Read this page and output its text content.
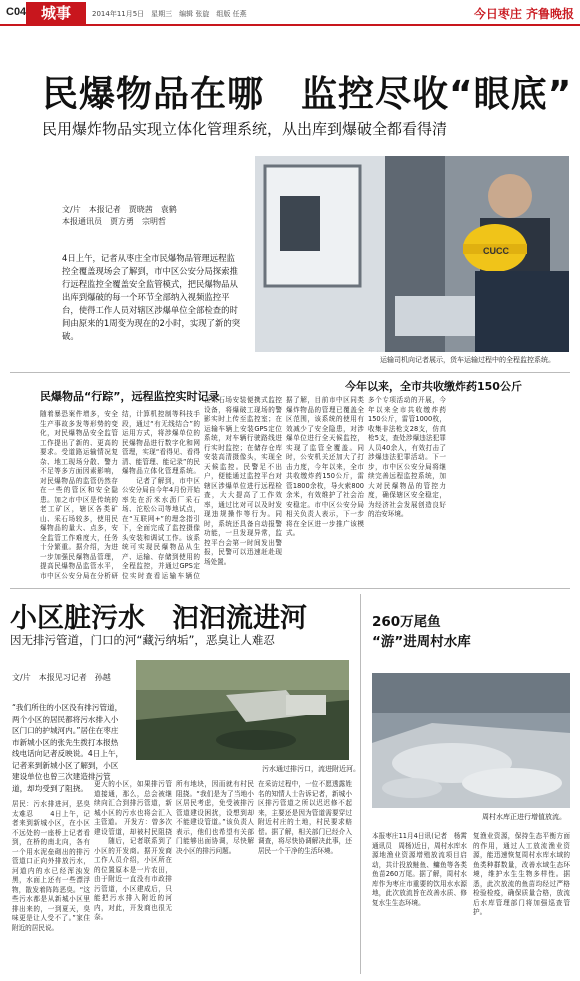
C04 城事	2014年11月5日　星期三　编辑 张旋　组版 任燕	今日枣庄 齐鲁晚报
民爆物品在哪　监控尽收“眼底”
民用爆炸物品实现立体化管理系统，从出库到爆破全都看得清
文/片　本报记者　贾晓茜　袁鹤
本报通讯员　贾方勇　宗明哲
4日上午，记者从枣庄全市民爆物品管理远程监控全覆盖现场会了解到，市中区公安分局探索推行远程监控全覆盖安全监管模式，把民爆物品从出库到爆破的每一个环节全部纳入视频监控平台，使得工作人员对辖区涉爆单位全部检查的时间由原来的1周变为现在的2小时，实现了新的突破。
CUCC
运输司机向记者展示，货车运输过程中的全程监控系统。
民爆物品“行踪”，远程监控实时记录
今年以来，全市共收缴炸药150公斤
随着暴恐案件增多，安全生产事故多发等形势的变化，对民爆物品安全监管工作提出了新的、更高的要求。受道路运输情况复杂、地工现场分散、警力不足等多方面因素影响，对民爆物品的监管仍然存在一些的管区和安全隐患。加之市中区是传统的老工矿区，辖区各类矿山、采石场较多，使用民爆物品的量大、点多，安全监管工作难度大，任务十分繁重。据介绍，为进一步加强民爆物品管理，提高民爆物品监管水平，市中区公安分局在分析研
结，计算机控制等科技手段，通过“有无线结合”的运用方式，将涉爆单位的民爆物品进行数字化和网管理，实现“看得见、看得清、能管理、能记录”的民爆物品立体化管理系统。 　　记者了解到，市中区公安分局自今年4月份开始率先在沂米水沥厂采石场、沱松公司等地试点，在“互联网+”的理念指引下，全面完成了监控摄像头安装和调试工作。该系统可实现民爆物品从生产、运输、存储到使用的全程监控，并通过GPS定位实时查看运输车辆位
在采石场安装便携式监控设备，将爆破工现场的警影实时上传至监控室；在运输车辆上安装GPS定位系统，对车辆行驶路线进行实时监控；在储存仓库安装高清摄像头，实现全天候监控。民警足不出户，便能通过监控平台对辖区涉爆单位进行远程检查，大大提高了工作效率，通过比对可以及时发现违规操作等行为。同时，系统还具备自动报警功能，一旦发现异常，监控平台会第一时间发出警报，民警可以迅速赶赴现场处置。
据了解，目前市中区同类爆炸物品的管理已覆盖全区范围，该系统的使用有效减少了安全隐患，对涉爆单位进行全天候监控，实现了监管全覆盖。同时，公安机关还加大了打击力度，今年以来，全市共收缴炸药150公斤，雷管1800余枚，导火索800余米，有效维护了社会治安稳定。市中区公安分局相关负责人表示，下一步将在全区进一步推广该模式。
多个专项活动的开展，今年以来全市共收缴炸药150公斤，雷管1000枚，收集非法枪支28支，仿真枪5支，查处涉爆违法犯罪人员40余人，有效打击了涉爆违法犯罪活动。下一步，市中区公安分局将继续完善远程监控系统，加大对民爆物品的管控力度，确保辖区安全稳定，为经济社会发展创造良好的治安环境。
小区脏污水　汩汩流进河
因无排污管道，门口的河“藏污纳垢”，恶臭让人难忍
文/片　本报见习记者　孙越
“我们所住的小区没有排污管道，两个小区的居民都将污水排入小区门口的护城河内。”居住在枣庄市新城小区的张先生拨打本报热线电话向记者反映说。4日上午，记者来到新城小区了解到，小区建设单位也曾三次建造排污管道，却均受到了阻挠。
污水通过排污口，流进附近河。
居民：污水排进河，恶臭太难忍 　　4日上午，记者来到新城小区，在小区不远处的一座桥上记者看到，在桥的南北向，各有一个用水泥垒砌出的排污管道口正向外排放污水，河道内的水已经浑浊发黑，水面上还有一些漂浮物，散发着阵阵恶臭。“这些污水都是从新城小区里排出来的，一到夏天，臭味更是让人受不了。”家住附近的居民说。
更大的小区，如果排污管道接通，那么，总会被继续向汇合到排污管道，新城小区的污水也将会汇入主管道。 开发方：曾多次建设管道，却被村民阻挠 　　随后，记者联系到了小区的开发商。据开发商工作人员介绍，小区所在的位置原本是一片农田，由于附近一直没有市政排污管道，小区建成后，只能把污水排入附近的河内，对此，开发商也很无奈。
所有地块，因而就有村民阻挠。“我们是为了当地小区居民考虑，免受被排污管道建设困扰，设想到却不能建设管道。”该负责人表示，他们也希望有关部门能够出面协调，尽快解决小区的排污问题。
在采访过程中，一位不愿透露姓名的知情人士告诉记者，新城小区排污管道之所以迟迟修不起来，主要还是因为管道需要穿过附近村庄的土地，村民要求赔偿。据了解，相关部门已经介入调查，将尽快协调解决此事，还居民一个干净的生活环境。
260万尾鱼
“游”进周村水库
周村水库正进行增值放流。
本报枣庄11月4日讯(记者　杨霄　通讯员　周杨)近日，周村水库水源地渔业资源增殖放流项目启动，共计投放鲢鱼、鳙鱼等各类鱼苗260万尾。据了解，周村水库作为枣庄市重要的饮用水水源地，此次放流旨在改善水质、修复水生生态环境。
复渔业资源，保持生态平衡方面的作用，通过人工放流渔业资源，能迅速恢复周村水库水域的鱼类种群数量，改善水域生态环境，维护水生生物多样性。据悉，此次放流的鱼苗均经过严格检验检疫，确保质量合格，放流后水库管理部门将加强巡查管护。
